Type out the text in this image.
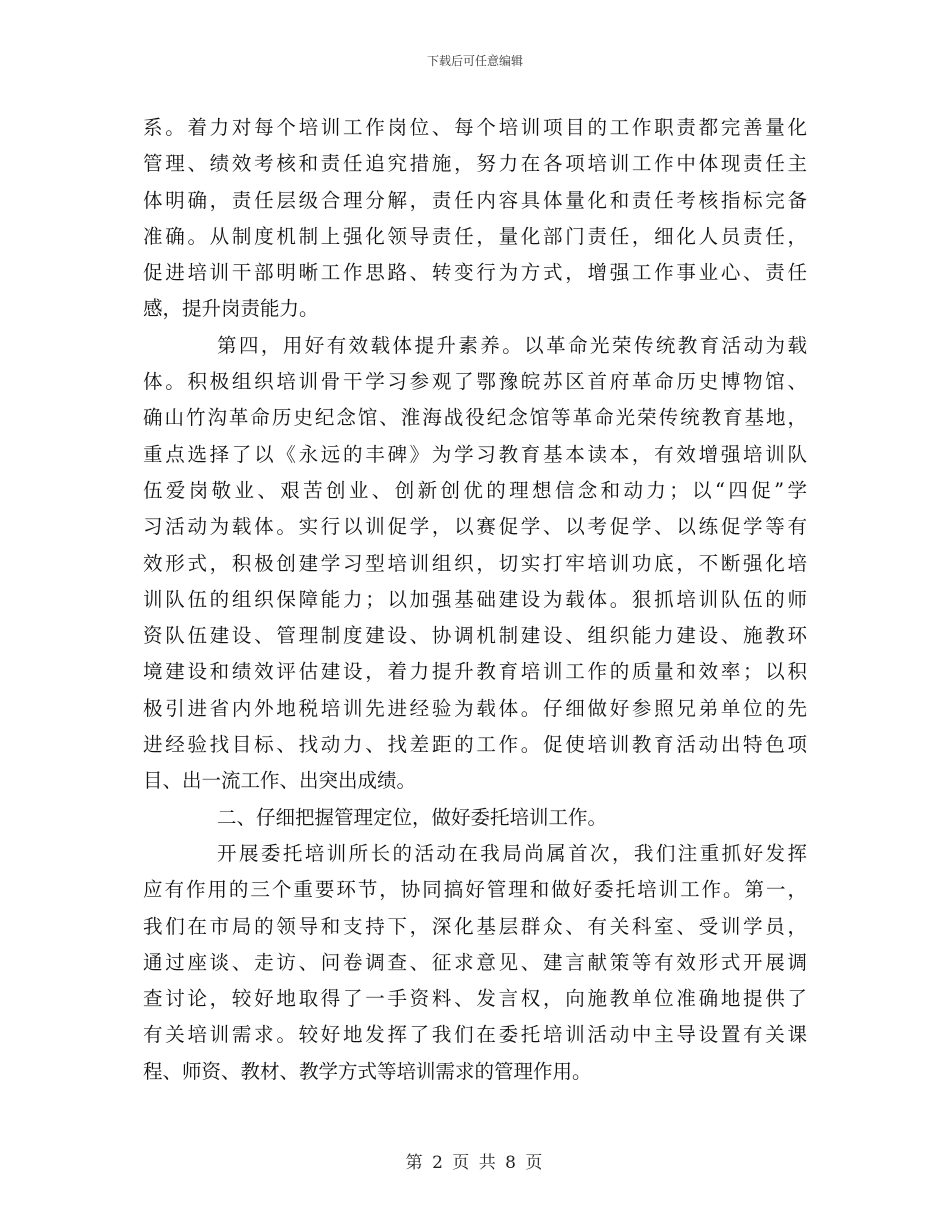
下载后可任意编辑
系。着力对每个培训工作岗位、每个培训项目的工作职责都完善量化
管理、绩效考核和责任追究措施，努力在各项培训工作中体现责任主
体明确，责任层级合理分解，责任内容具体量化和责任考核指标完备
准确。从制度机制上强化领导责任，量化部门责任，细化人员责任，
促进培训干部明晰工作思路、转变行为方式，增强工作事业心、责任
感，提升岗责能力。
第四，用好有效载体提升素养。以革命光荣传统教育活动为载
体。积极组织培训骨干学习参观了鄂豫皖苏区首府革命历史博物馆、
确山竹沟革命历史纪念馆、淮海战役纪念馆等革命光荣传统教育基地，
重点选择了以《永远的丰碑》为学习教育基本读本，有效增强培训队
伍爱岗敬业、艰苦创业、创新创优的理想信念和动力；以“四促”学
习活动为载体。实行以训促学，以赛促学、以考促学、以练促学等有
效形式，积极创建学习型培训组织，切实打牢培训功底，不断强化培
训队伍的组织保障能力；以加强基础建设为载体。狠抓培训队伍的师
资队伍建设、管理制度建设、协调机制建设、组织能力建设、施教环
境建设和绩效评估建设，着力提升教育培训工作的质量和效率；以积
极引进省内外地税培训先进经验为载体。仔细做好参照兄弟单位的先
进经验找目标、找动力、找差距的工作。促使培训教育活动出特色项
目、出一流工作、出突出成绩。
二、仔细把握管理定位，做好委托培训工作。
开展委托培训所长的活动在我局尚属首次，我们注重抓好发挥
应有作用的三个重要环节，协同搞好管理和做好委托培训工作。第一，
我们在市局的领导和支持下，深化基层群众、有关科室、受训学员，
通过座谈、走访、问卷调查、征求意见、建言献策等有效形式开展调
查讨论，较好地取得了一手资料、发言权，向施教单位准确地提供了
有关培训需求。较好地发挥了我们在委托培训活动中主导设置有关课
程、师资、教材、教学方式等培训需求的管理作用。
第 2 页 共 8 页
